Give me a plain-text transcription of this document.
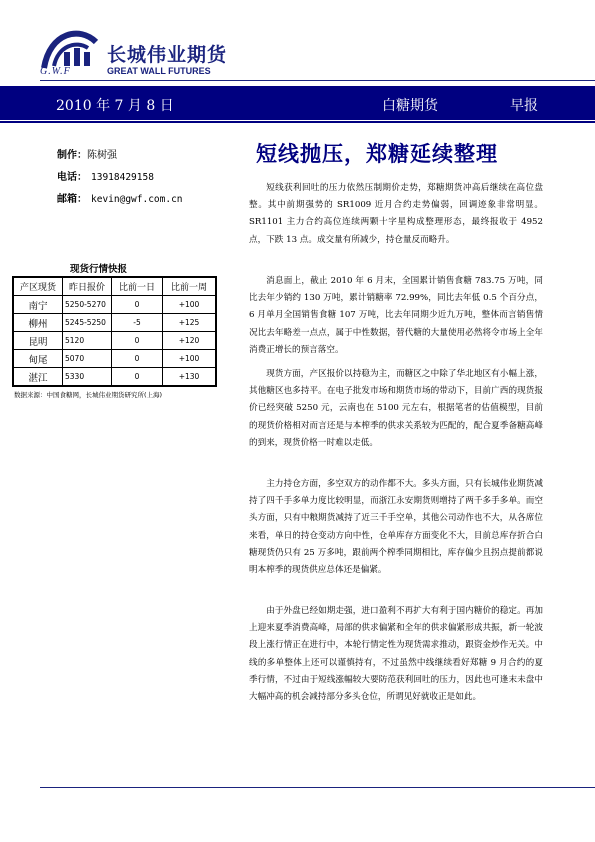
G.W.F
长城伟业期货
GREAT WALL FUTURES
2010 年 7 月 8 日	白糖期货	早报
制作：陈树强
电话： 13918429158
邮箱： kevin@gwf.com.cn
短线抛压，郑糖延续整理
现货行情快报
产区现货	昨日报价	比前一日	比前一周
南宁	5250-5270	0	+100
柳州	5245-5250	-5	+125
昆明	5120	0	+120
甸尾	5070	0	+100
湛江	5330	0	+130
数据来源：中国食糖网，长城伟业期货研究所(上海)

短线获利回吐的压力依然压制期价走势，郑糖期货冲高后继续在高位盘整。其中前期强势的 SR1009 近月合约走势偏弱，回调迹象非常明显。SR1101 主力合约高位连续两颗十字星构成整理形态，最终报收于 4952 点，下跌 13 点。成交量有所减少，持仓量反而略升。

消息面上，截止 2010 年 6 月末，全国累计销售食糖 783.75 万吨，同比去年少销约 130 万吨，累计销糖率 72.99%，同比去年低 0.5 个百分点，6 月单月全国销售食糖 107 万吨，比去年同期少近九万吨，整体而言销售情况比去年略差一点点，属于中性数据，替代糖的大量使用必然将令市场上全年消费正增长的预言落空。

现货方面，产区报价以持稳为主，而糖区之中除了华北地区有小幅上涨，其他糖区也多持平。在电子批发市场和期货市场的带动下，目前广西的现货报价已经突破 5250 元，云南也在 5100 元左右，根据笔者的估值模型，目前的现货价格相对而言还是与本榨季的供求关系较为匹配的，配合夏季备糖高峰的到来，现货价格一时难以走低。

主力持仓方面，多空双方的动作都不大。多头方面，只有长城伟业期货减持了四千手多单力度比较明显，而浙江永安期货则增持了两千多手多单。而空头方面，只有中粮期货减持了近三千手空单，其他公司动作也不大，从各席位来看，单日的持仓变动方向中性，仓单库存方面变化不大，目前总库存折合白糖现货仍只有 25 万多吨，跟前两个榨季同期相比，库存偏少且拐点提前都说明本榨季的现货供应总体还是偏紧。

由于外盘已经如期走强，进口盈利不再扩大有利于国内糖价的稳定。再加上迎来夏季消费高峰，局部的供求偏紧和全年的供求偏紧形成共振，新一轮波段上涨行情正在进行中，本轮行情定性为现货需求推动，跟资金炒作无关。中线的多单整体上还可以谨慎持有，不过虽然中线继续看好郑糖 9 月合约的夏季行情，不过由于短线涨幅较大要防范获利回吐的压力，因此也可逢末未盘中大幅冲高的机会减持部分多头仓位，所谓见好就收正是如此。
